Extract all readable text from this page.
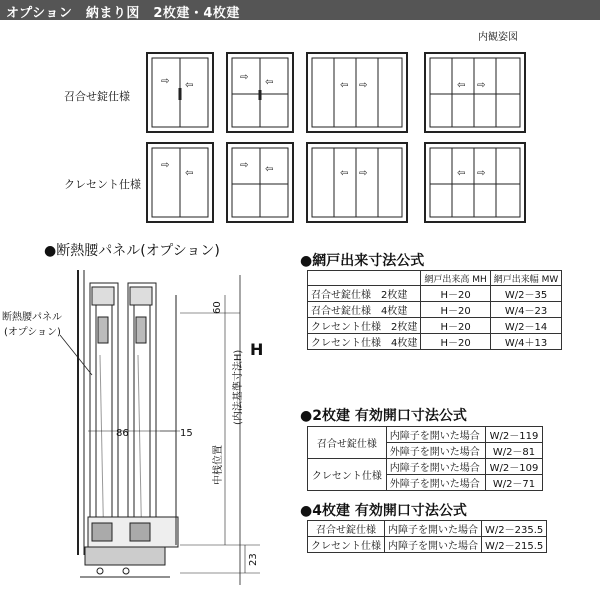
オプション　納まり図　2枚建・4枚建
内観姿図
召合せ錠仕様
クレセント仕様
⇨ ⇦
⇨ ⇦	⇦ ⇨	⇦ ⇨
⇨
⇦
⇨ ⇦	⇦ ⇨	⇦ ⇨
●断熱腰パネル(オプション)
断熱腰パネル
(オプション)
60
86	15
23
H
(内法基準寸法H)
中桟位置
●網戸出来寸法公式
	網戸出来高 MH	網戸出来幅 MW
召合せ錠仕様　2枚建	H－20	W/2－35
召合せ錠仕様　4枚建	H－20	W/4－23
クレセント仕様　2枚建	H－20	W/2－14
クレセント仕様　4枚建	H－20	W/4＋13
●2枚建 有効開口寸法公式
召合せ錠仕様	内障子を開いた場合	W/2－119
	外障子を開いた場合	W/2－81
クレセント仕様	内障子を開いた場合	W/2－109
	外障子を開いた場合	W/2－71
●4枚建 有効開口寸法公式
召合せ錠仕様	内障子を開いた場合	W/2－235.5
クレセント仕様	内障子を開いた場合	W/2－215.5
